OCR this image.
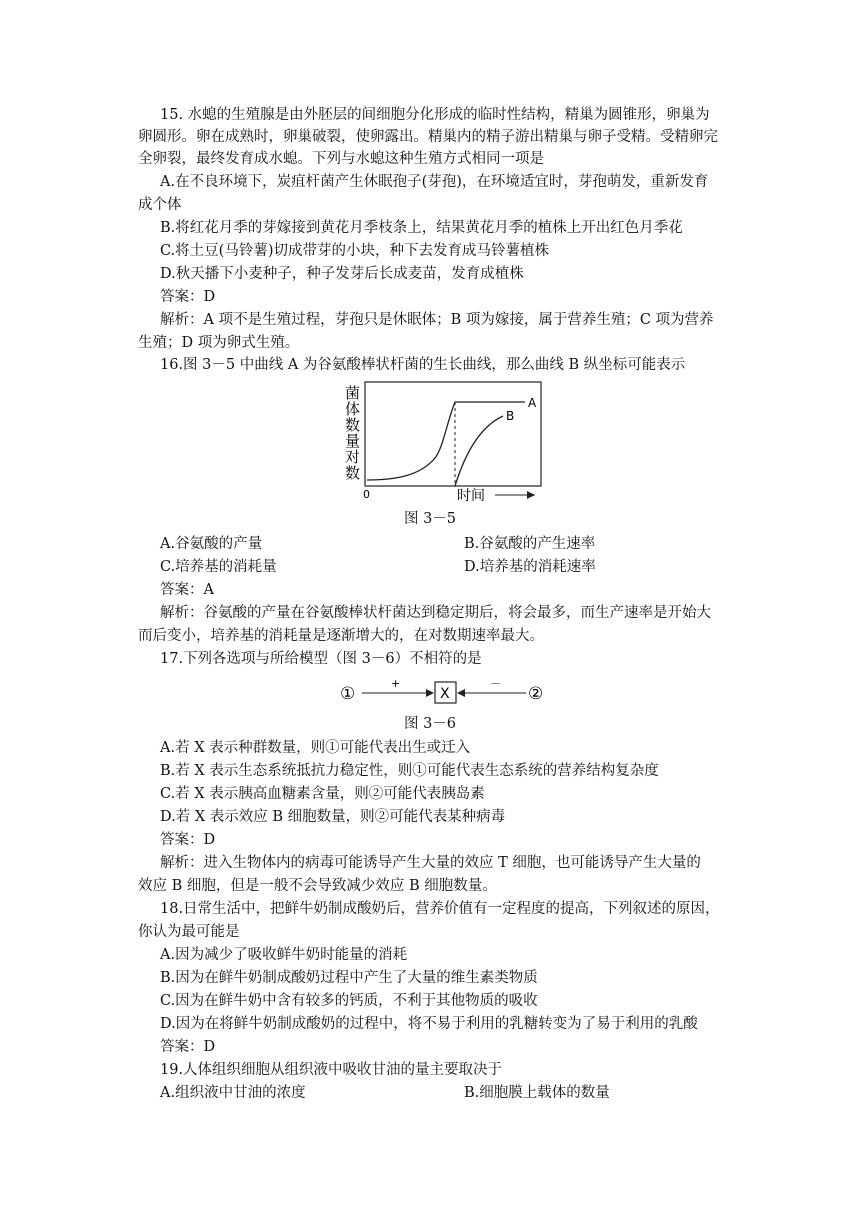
15. 水螅的生殖腺是由外胚层的间细胞分化形成的临时性结构，精巢为圆锥形，卵巢为
卵圆形。卵在成熟时，卵巢破裂，使卵露出。精巢内的精子游出精巢与卵子受精。受精卵完
全卵裂，最终发育成水螅。下列与水螅这种生殖方式相同一项是
A.在不良环境下，炭疽杆菌产生休眠孢子(芽孢)，在环境适宜时，芽孢萌发，重新发育
成个体
B.将红花月季的芽嫁接到黄花月季枝条上，结果黄花月季的植株上开出红色月季花
C.将土豆(马铃薯)切成带芽的小块，种下去发育成马铃薯植株
D.秋天播下小麦种子，种子发芽后长成麦苗，发育成植株
答案：D
解析：A 项不是生殖过程，芽孢只是休眠体；B 项为嫁接，属于营养生殖；C 项为营养
生殖；D 项为卵式生殖。
16.图 3－5 中曲线 A 为谷氨酸棒状杆菌的生长曲线，那么曲线 B 纵坐标可能表示
菌
体
数
量
对
数
A
B
0	时间
图 3－5
A.谷氨酸的产量	B.谷氨酸的产生速率
C.培养基的消耗量	D.培养基的消耗速率
答案：A
解析：谷氨酸的产量在谷氨酸棒状杆菌达到稳定期后，将会最多，而生产速率是开始大
而后变小，培养基的消耗量是逐渐增大的，在对数期速率最大。
17.下列各选项与所给模型（图 3－6）不相符的是
①
+
X
－
②
图 3－6
A.若 X 表示种群数量，则①可能代表出生或迁入
B.若 X 表示生态系统抵抗力稳定性，则①可能代表生态系统的营养结构复杂度
C.若 X 表示胰高血糖素含量，则②可能代表胰岛素
D.若 X 表示效应 B 细胞数量，则②可能代表某种病毒
答案：D
解析：进入生物体内的病毒可能诱导产生大量的效应 T 细胞，也可能诱导产生大量的
效应 B 细胞，但是一般不会导致减少效应 B 细胞数量。
18.日常生活中，把鲜牛奶制成酸奶后，营养价值有一定程度的提高，下列叙述的原因，
你认为最可能是
A.因为减少了吸收鲜牛奶时能量的消耗
B.因为在鲜牛奶制成酸奶过程中产生了大量的维生素类物质
C.因为在鲜牛奶中含有较多的钙质，不利于其他物质的吸收
D.因为在将鲜牛奶制成酸奶的过程中，将不易于利用的乳糖转变为了易于利用的乳酸
答案：D
19.人体组织细胞从组织液中吸收甘油的量主要取决于
A.组织液中甘油的浓度	B.细胞膜上载体的数量
